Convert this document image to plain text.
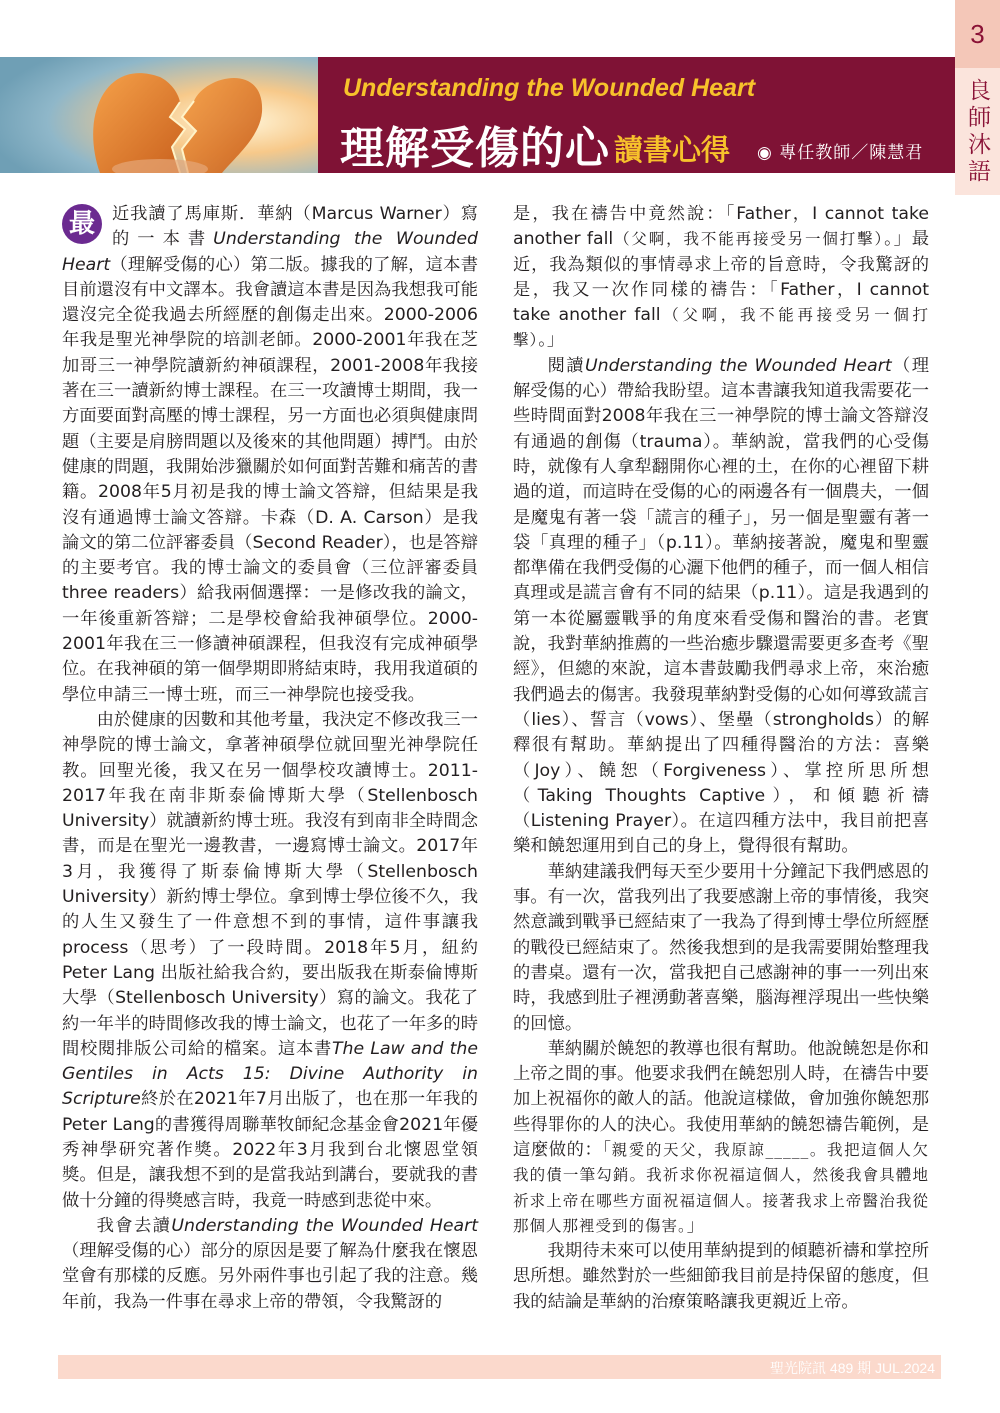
3
良師沐語
Understanding the Wounded Heart
理解受傷的心 讀書心得 ◉ 專任教師／陳慧君

最 近我讀了馬庫斯．華納（Marcus Warner）寫的一本書Understanding the Wounded Heart（理解受傷的心）第二版。據我的了解，這本書目前還沒有中文譯本。我會讀這本書是因為我想我可能還沒完全從我過去所經歷的創傷走出來。2000-2006年我是聖光神學院的培訓老師。2000-2001年我在芝加哥三一神學院讀新約神碩課程，2001-2008年我接著在三一讀新約博士課程。在三一攻讀博士期間，我一方面要面對高壓的博士課程，另一方面也必須與健康問題（主要是肩膀問題以及後來的其他問題）搏鬥。由於健康的問題，我開始涉獵關於如何面對苦難和痛苦的書籍。2008年5月初是我的博士論文答辯，但結果是我沒有通過博士論文答辯。卡森（D. A. Carson）是我論文的第二位評審委員（Second Reader），也是答辯的主要考官。我的博士論文的委員會（三位評審委員three readers）給我兩個選擇：一是修改我的論文，一年後重新答辯；二是學校會給我神碩學位。2000-2001年我在三一修讀神碩課程，但我沒有完成神碩學位。在我神碩的第一個學期即將結束時，我用我道碩的學位申請三一博士班，而三一神學院也接受我。

由於健康的因數和其他考量，我決定不修改我三一神學院的博士論文，拿著神碩學位就回聖光神學院任教。回聖光後，我又在另一個學校攻讀博士。2011-2017年我在南非斯泰倫博斯大學（Stellenbosch University）就讀新約博士班。我沒有到南非全時間念書，而是在聖光一邊教書，一邊寫博士論文。2017年3月，我獲得了斯泰倫博斯大學（Stellenbosch University）新約博士學位。拿到博士學位後不久，我的人生又發生了一件意想不到的事情，這件事讓我process（思考）了一段時間。2018年5月，紐約Peter Lang 出版社給我合約，要出版我在斯泰倫博斯大學（Stellenbosch University）寫的論文。我花了約一年半的時間修改我的博士論文，也花了一年多的時間校閱排版公司給的檔案。這本書The Law and the Gentiles in Acts 15: Divine Authority in Scripture終於在2021年7月出版了，也在那一年我的Peter Lang的書獲得周聯華牧師紀念基金會2021年優秀神學研究著作獎。2022年3月我到台北懷恩堂領獎。但是，讓我想不到的是當我站到講台，要就我的書做十分鐘的得獎感言時，我竟一時感到悲從中來。

我會去讀Understanding the Wounded Heart（理解受傷的心）部分的原因是要了解為什麼我在懷恩堂會有那樣的反應。另外兩件事也引起了我的注意。幾年前，我為一件事在尋求上帝的帶領，令我驚訝的

是，我在禱告中竟然說：「Father，I cannot take another fall（父啊，我不能再接受另一個打擊）。」最近，我為類似的事情尋求上帝的旨意時，令我驚訝的是，我又一次作同樣的禱告：「Father，I cannot take another fall（父啊，我不能再接受另一個打擊）。」

閱讀Understanding the Wounded Heart（理解受傷的心）帶給我盼望。這本書讓我知道我需要花一些時間面對2008年我在三一神學院的博士論文答辯沒有通過的創傷（trauma）。華納說，當我們的心受傷時，就像有人拿犁翻開你心裡的土，在你的心裡留下耕過的道，而這時在受傷的心的兩邊各有一個農夫，一個是魔鬼有著一袋「謊言的種子」，另一個是聖靈有著一袋「真理的種子」（p.11）。華納接著說，魔鬼和聖靈都準備在我們受傷的心灑下他們的種子，而一個人相信真理或是謊言會有不同的結果（p.11）。這是我遇到的第一本從屬靈戰爭的角度來看受傷和醫治的書。老實說，我對華納推薦的一些治癒步驟還需要更多查考《聖經》，但總的來說，這本書鼓勵我們尋求上帝，來治癒我們過去的傷害。我發現華納對受傷的心如何導致謊言（lies）、誓言（vows）、堡壘（strongholds）的解釋很有幫助。華納提出了四種得醫治的方法：喜樂（Joy）、饒恕（Forgiveness）、掌控所思所想（Taking Thoughts Captive），和傾聽祈禱（Listening Prayer）。在這四種方法中，我目前把喜樂和饒恕運用到自己的身上，覺得很有幫助。

華納建議我們每天至少要用十分鐘記下我們感恩的事。有一次，當我列出了我要感謝上帝的事情後，我突然意識到戰爭已經結束了一我為了得到博士學位所經歷的戰役已經結束了。然後我想到的是我需要開始整理我的書桌。還有一次，當我把自己感謝神的事一一列出來時，我感到肚子裡湧動著喜樂，腦海裡浮現出一些快樂的回憶。

華納關於饒恕的教導也很有幫助。他說饒恕是你和上帝之間的事。他要求我們在饒恕別人時，在禱告中要加上祝福你的敵人的話。他說這樣做，會加強你饒恕那些得罪你的人的決心。我使用華納的饒恕禱告範例，是這麼做的：「親愛的天父，我原諒_____。我把這個人欠我的債一筆勾銷。我祈求你祝福這個人，然後我會具體地祈求上帝在哪些方面祝福這個人。接著我求上帝醫治我從那個人那裡受到的傷害。」

我期待未來可以使用華納提到的傾聽祈禱和掌控所思所想。雖然對於一些細節我目前是持保留的態度，但我的結論是華納的治療策略讓我更親近上帝。

聖光院訊 489 期 JUL.2024
